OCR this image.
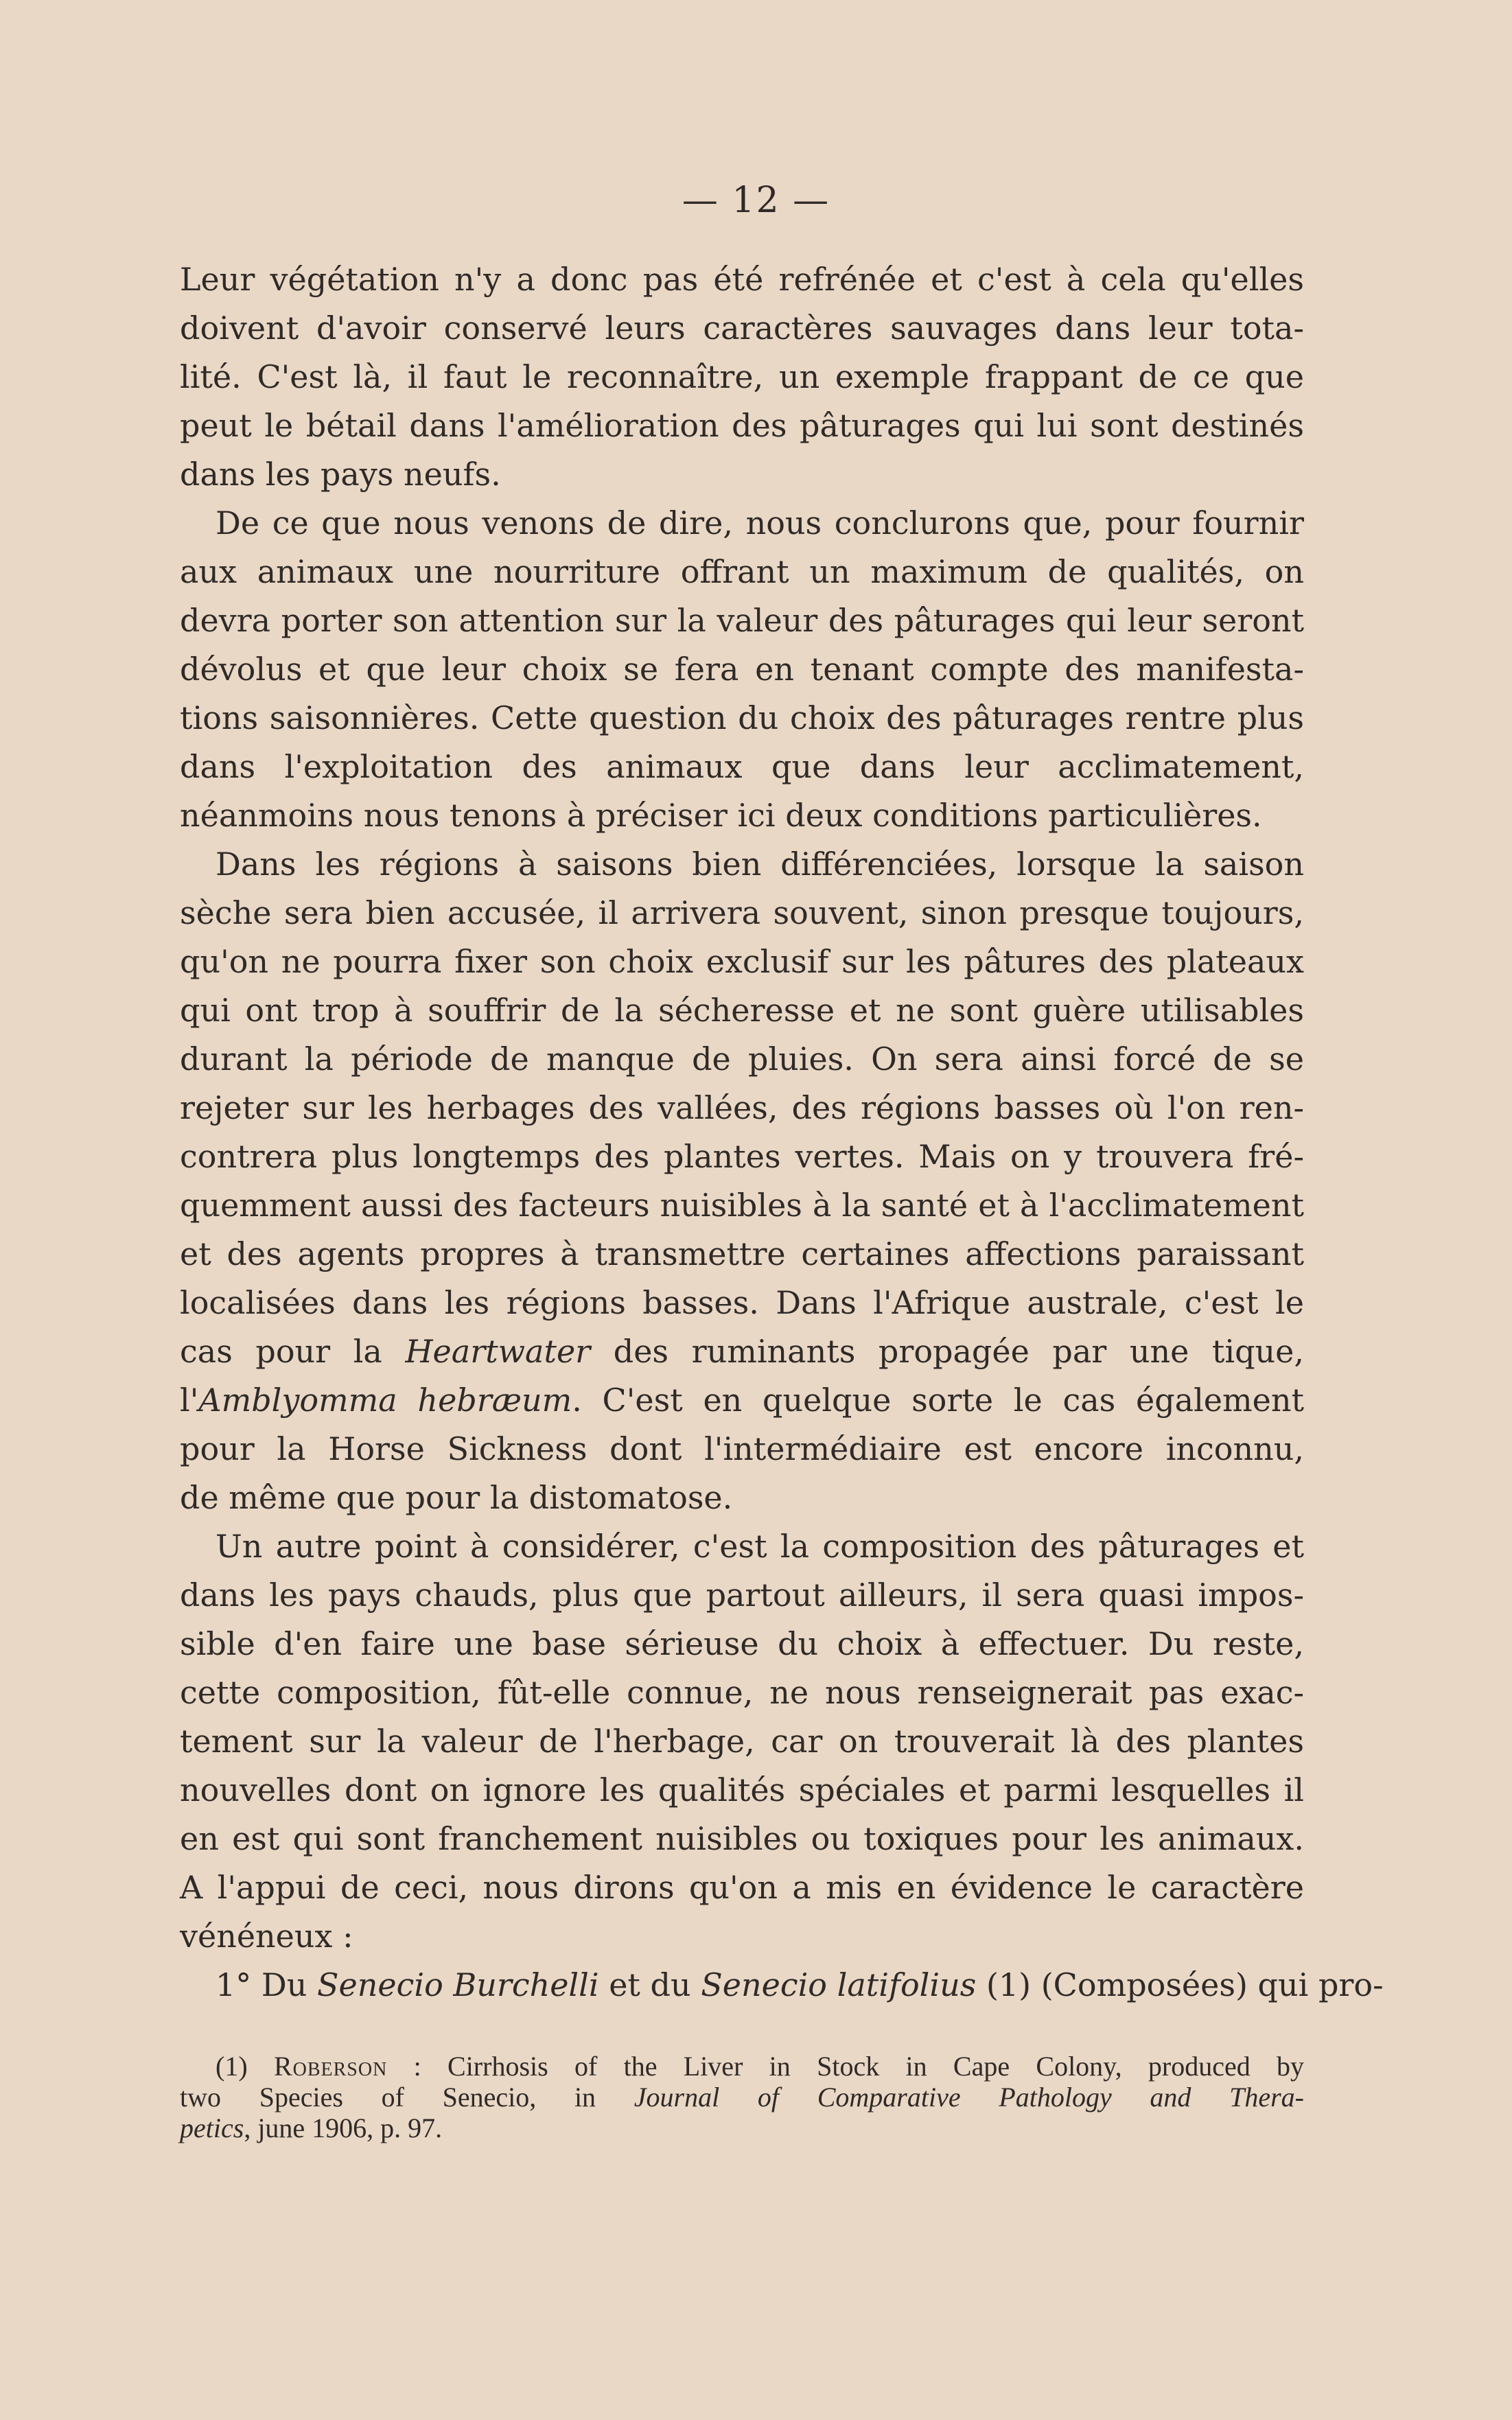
— 12 —
Leur végétation n'y a donc pas été refrénée et c'est à cela qu'elles
doivent d'avoir conservé leurs caractères sauvages dans leur tota-
lité. C'est là, il faut le reconnaître, un exemple frappant de ce que
peut le bétail dans l'amélioration des pâturages qui lui sont destinés
dans les pays neufs.
De ce que nous venons de dire, nous conclurons que, pour fournir
aux animaux une nourriture offrant un maximum de qualités, on
devra porter son attention sur la valeur des pâturages qui leur seront
dévolus et que leur choix se fera en tenant compte des manifesta-
tions saisonnières. Cette question du choix des pâturages rentre plus
dans l'exploitation des animaux que dans leur acclimatement,
néanmoins nous tenons à préciser ici deux conditions particulières.
Dans les régions à saisons bien différenciées, lorsque la saison
sèche sera bien accusée, il arrivera souvent, sinon presque toujours,
qu'on ne pourra fixer son choix exclusif sur les pâtures des plateaux
qui ont trop à souffrir de la sécheresse et ne sont guère utilisables
durant la période de manque de pluies. On sera ainsi forcé de se
rejeter sur les herbages des vallées, des régions basses où l'on ren-
contrera plus longtemps des plantes vertes. Mais on y trouvera fré-
quemment aussi des facteurs nuisibles à la santé et à l'acclimatement
et des agents propres à transmettre certaines affections paraissant
localisées dans les régions basses. Dans l'Afrique australe, c'est le
cas pour la Heartwater des ruminants propagée par une tique,
l'Amblyomma hebræum. C'est en quelque sorte le cas également
pour la Horse Sickness dont l'intermédiaire est encore inconnu,
de même que pour la distomatose.
Un autre point à considérer, c'est la composition des pâturages et
dans les pays chauds, plus que partout ailleurs, il sera quasi impos-
sible d'en faire une base sérieuse du choix à effectuer. Du reste,
cette composition, fût-elle connue, ne nous renseignerait pas exac-
tement sur la valeur de l'herbage, car on trouverait là des plantes
nouvelles dont on ignore les qualités spéciales et parmi lesquelles il
en est qui sont franchement nuisibles ou toxiques pour les animaux.
A l'appui de ceci, nous dirons qu'on a mis en évidence le caractère
vénéneux :
1° Du Senecio Burchelli et du Senecio latifolius (1) (Composées) qui pro-
(1) Roberson : Cirrhosis of the Liver in Stock in Cape Colony, produced by
two Species of Senecio, in Journal of Comparative Pathology and Thera-
petics, june 1906, p. 97.
